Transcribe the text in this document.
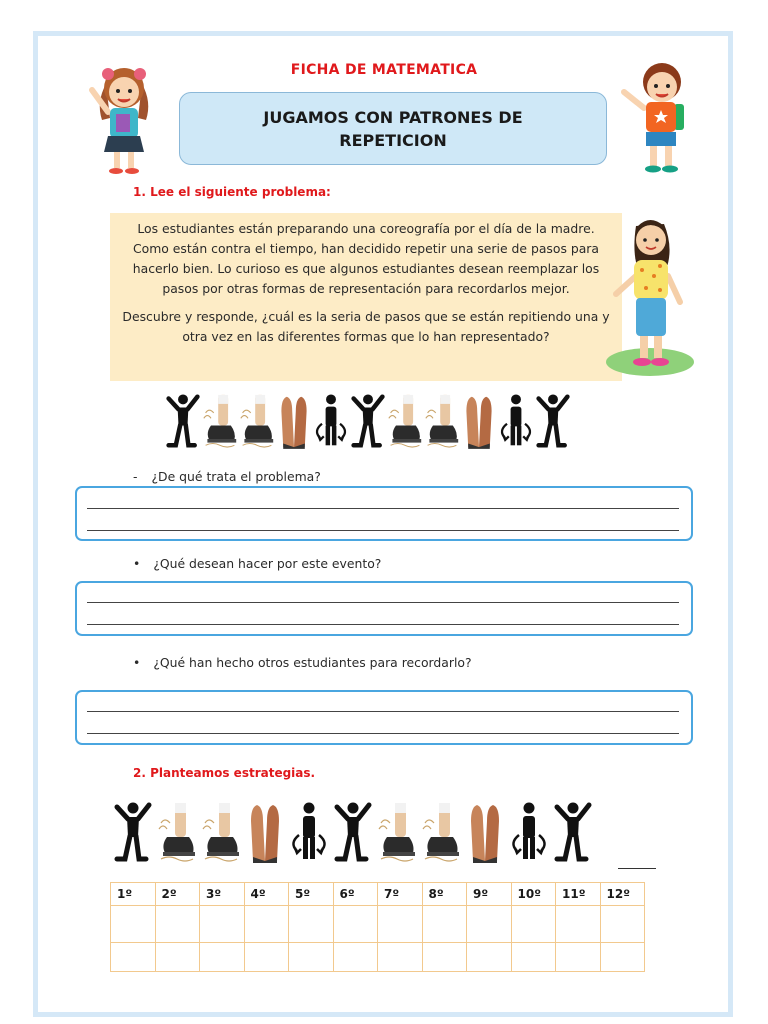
FICHA DE MATEMATICA
JUGAMOS CON PATRONES DE
REPETICION
1. Lee el siguiente problema:

Los estudiantes están preparando una coreografía por el día de la madre. Como están contra el tiempo, han decidido repetir una serie de pasos para hacerlo bien. Lo curioso es que algunos estudiantes desean reemplazar los pasos por otras formas de representación para recordarlos mejor.

Descubre y responde, ¿cuál es la seria de pasos que se están repitiendo una y otra vez en las diferentes formas que lo han representado?

- ¿De qué trata el problema?
• ¿Qué desean hacer por este evento?
• ¿Qué han hecho otros estudiantes para recordarlo?
2. Planteamos estrategias.
1º	2º	3º	4º	5º	6º	7º	8º	9º	10º	11º	12º
